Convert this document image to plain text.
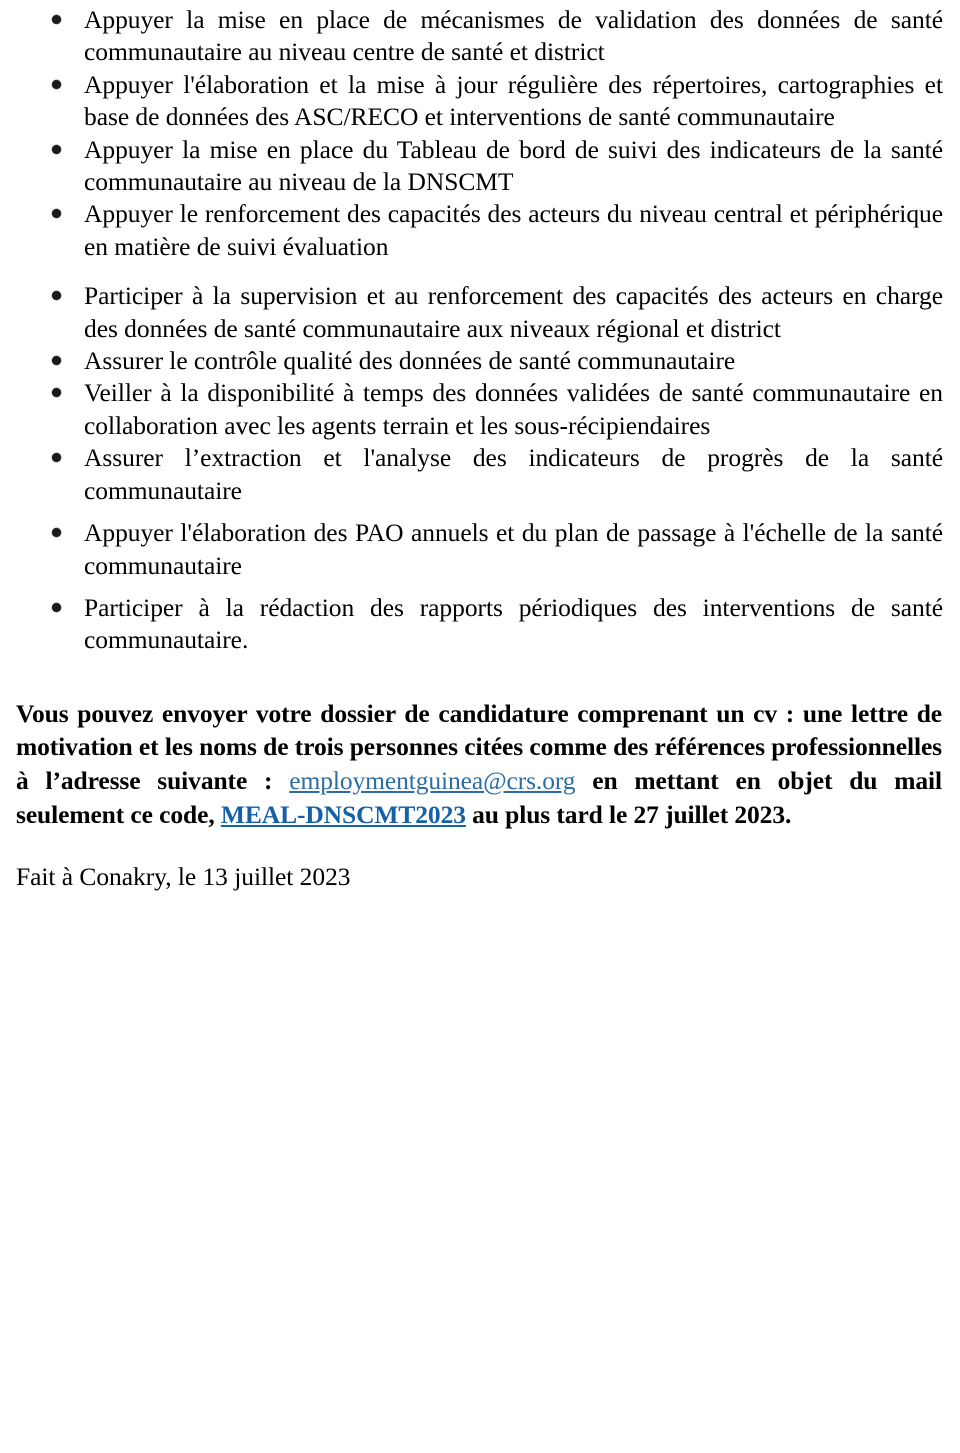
Appuyer la mise en place de mécanismes de validation des données de santé communautaire au niveau centre de santé et district
Appuyer l'élaboration et la mise à jour régulière des répertoires, cartographies et base de données des ASC/RECO et interventions de santé communautaire
Appuyer la mise en place du Tableau de bord de suivi des indicateurs de la santé communautaire au niveau de la DNSCMT
Appuyer le renforcement des capacités des acteurs du niveau central et périphérique en matière de suivi évaluation
Participer à la supervision et au renforcement des capacités des acteurs en charge des données de santé communautaire aux niveaux régional et district
Assurer le contrôle qualité des données de santé communautaire
Veiller à la disponibilité à temps des données validées de santé communautaire en collaboration avec les agents terrain et les sous-récipiendaires
Assurer l’extraction et l'analyse des indicateurs de progrès de la santé communautaire
Appuyer l'élaboration des PAO annuels et du plan de passage à l'échelle de la santé communautaire
Participer à la rédaction des rapports périodiques des interventions de santé communautaire.

Vous pouvez envoyer votre dossier de candidature comprenant un cv : une lettre de motivation et les noms de trois personnes citées comme des références professionnelles à l’adresse suivante : employmentguinea@crs.org en mettant en objet du mail seulement ce code, MEAL-DNSCMT2023 au plus tard le 27 juillet 2023.

Fait à Conakry, le 13 juillet 2023
